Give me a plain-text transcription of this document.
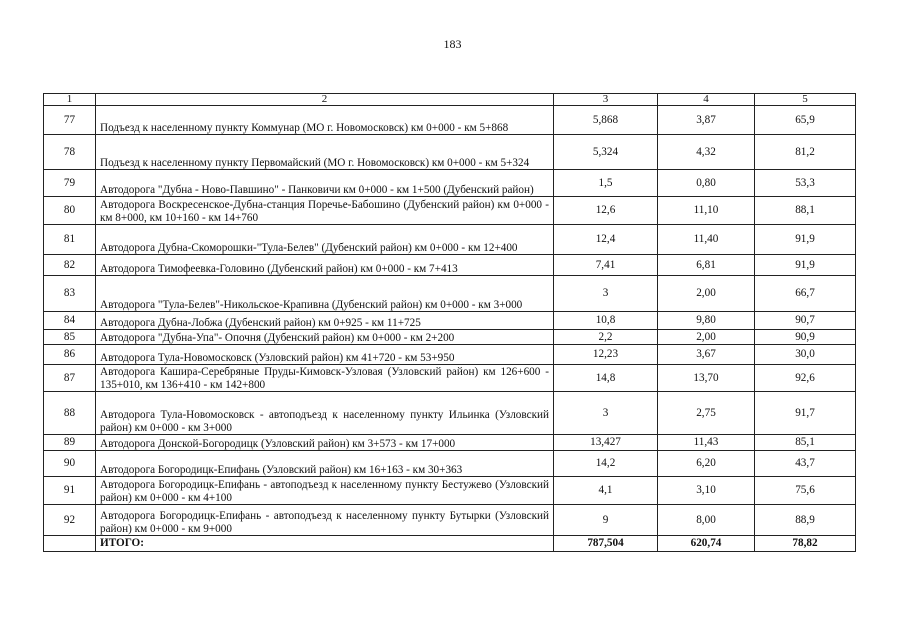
183
1	2	3	4	5
77	Подъезд к населенному пункту Коммунар (МО г. Новомосковск) км 0+000 - км 5+868	5,868	3,87	65,9
78	Подъезд к населенному пункту Первомайский (МО г. Новомосковск) км 0+000 - км 5+324	5,324	4,32	81,2
79	Автодорога "Дубна - Ново-Павшино" - Панковичи км 0+000 - км 1+500 (Дубенский район)	1,5	0,80	53,3
80	Автодорога Воскресенское-Дубна-станция Поречье-Бабошино (Дубенский район) км 0+000 - км 8+000, км 10+160 - км 14+760	12,6	11,10	88,1
81	Автодорога Дубна-Скоморошки-"Тула-Белев" (Дубенский район) км 0+000 - км 12+400	12,4	11,40	91,9
82	Автодорога Тимофеевка-Головино (Дубенский район) км 0+000 - км 7+413	7,41	6,81	91,9
83	Автодорога "Тула-Белев"-Никольское-Крапивна (Дубенский район) км 0+000 - км 3+000	3	2,00	66,7
84	Автодорога Дубна-Лобжа (Дубенский район) км 0+925 - км 11+725	10,8	9,80	90,7
85	Автодорога "Дубна-Упа"- Опочня (Дубенский район) км 0+000 - км 2+200	2,2	2,00	90,9
86	Автодорога Тула-Новомосковск (Узловский район) км 41+720 - км 53+950	12,23	3,67	30,0
87	Автодорога Кашира-Серебряные Пруды-Кимовск-Узловая (Узловский район) км 126+600 - 135+010, км 136+410 - км 142+800	14,8	13,70	92,6
88	Автодорога Тула-Новомосковск - автоподъезд к населенному пункту Ильинка (Узловский район) км 0+000 - км 3+000	3	2,75	91,7
89	Автодорога Донской-Богородицк (Узловский район) км 3+573 - км 17+000	13,427	11,43	85,1
90	Автодорога Богородицк-Епифань (Узловский район) км 16+163 - км 30+363	14,2	6,20	43,7
91	Автодорога Богородицк-Епифань - автоподъезд к населенному пункту Бестужево (Узловский район) км 0+000 - км 4+100	4,1	3,10	75,6
92	Автодорога Богородицк-Епифань - автоподъезд к населенному пункту Бутырки (Узловский район) км 0+000 - км 9+000	9	8,00	88,9
	ИТОГО:	787,504	620,74	78,82
